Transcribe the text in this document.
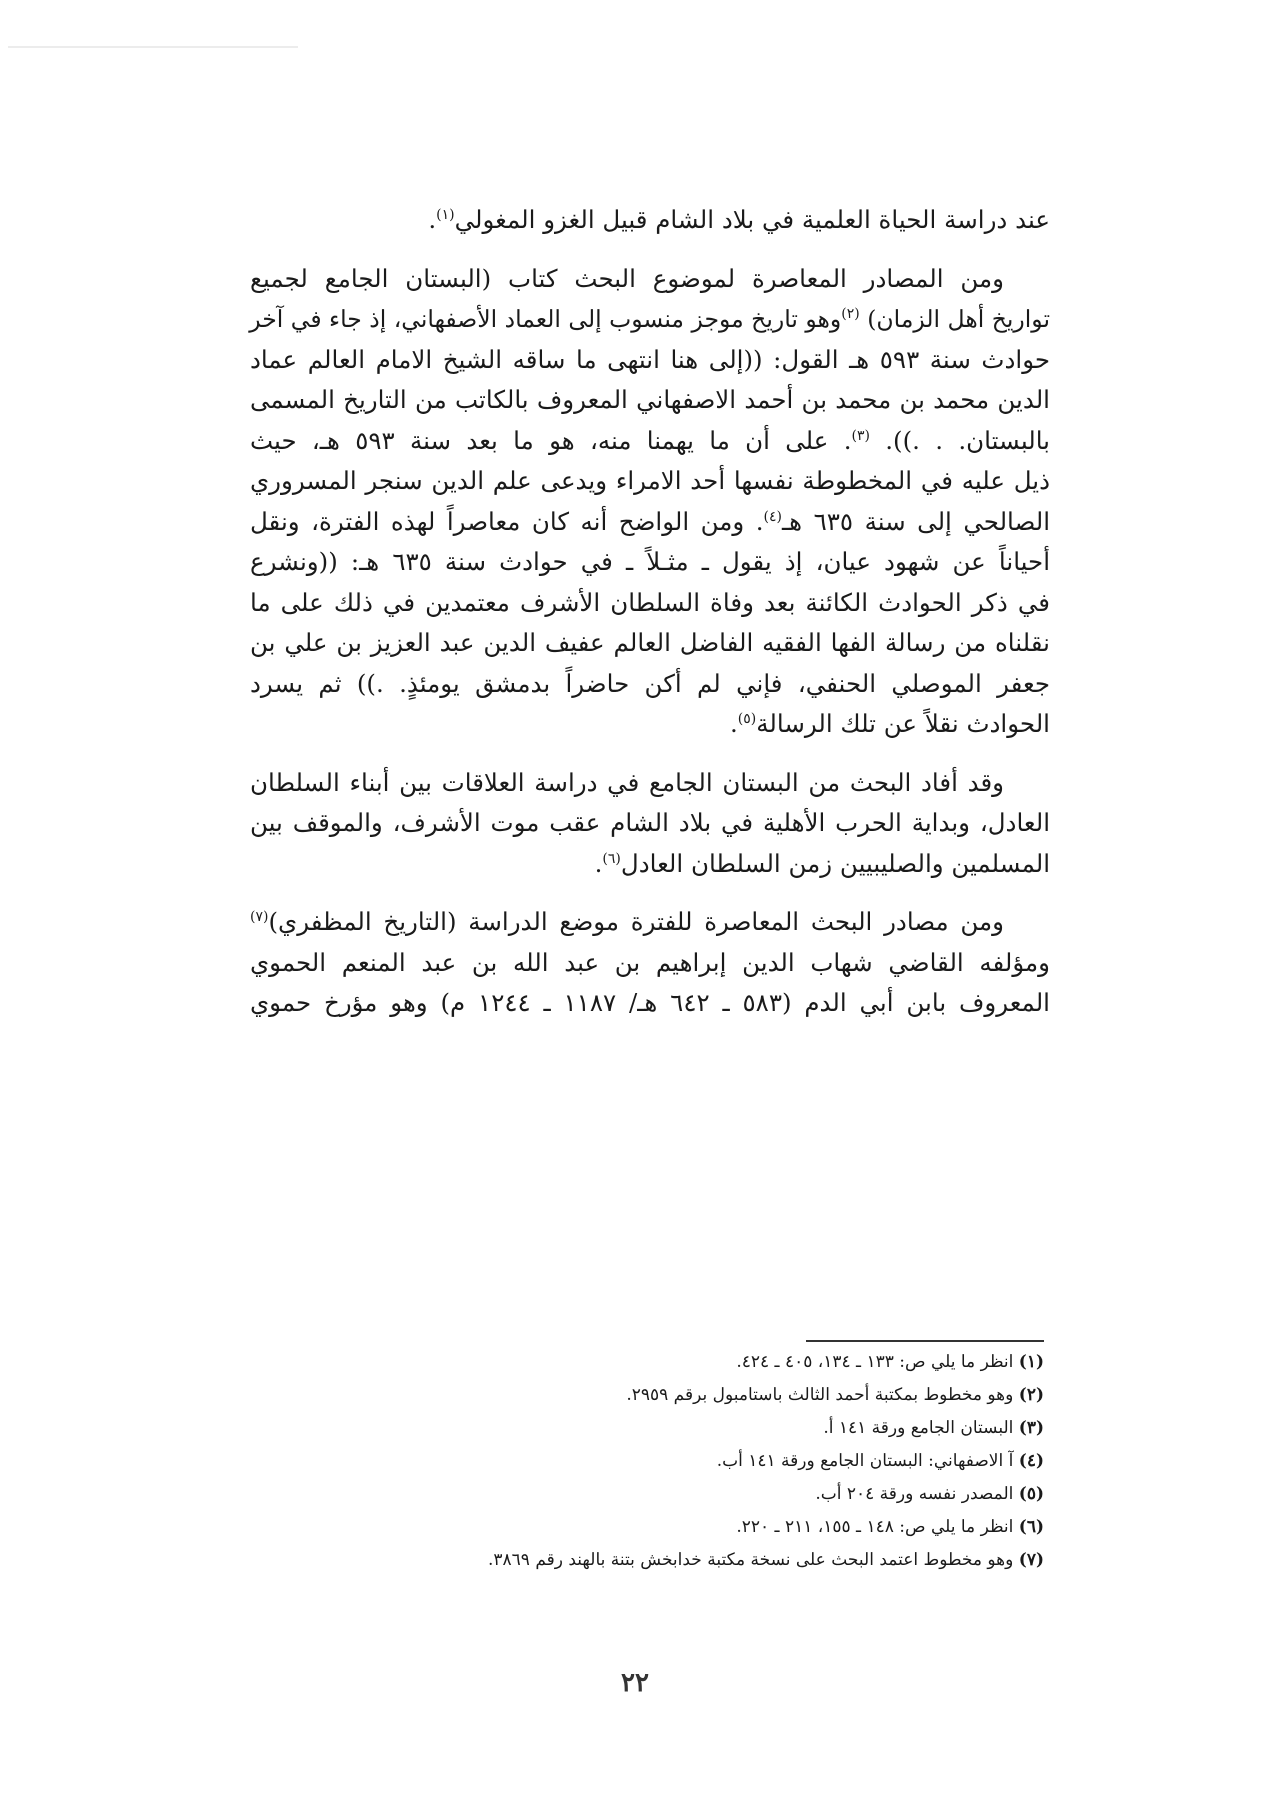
عند دراسة الحياة العلمية في بلاد الشام قبيل الغزو المغولي$^{(١)}$.
ومن المصادر المعاصرة لموضوع البحث كتاب (البستان الجامع لجميع
تواريخ أهل الزمان) $^{(٢)}$وهو تاريخ موجز منسوب إلى العماد الأصفهاني، إذ جاء في آخر
حوادث سنة ٥٩٣ هـ القول: ((إلى هنا انتهى ما ساقه الشيخ الامام العالم عماد
الدين محمد بن محمد بن أحمد الاصفهاني المعروف بالكاتب من التاريخ المسمى
بالبستان. . .)). $^{(٣)}$. على أن ما يهمنا منه، هو ما بعد سنة ٥٩٣ هـ، حيث
ذيل عليه في المخطوطة نفسها أحد الامراء ويدعى علم الدين سنجر المسروري
الصالحي إلى سنة ٦٣٥ هـ$^{(٤)}$. ومن الواضح أنه كان معاصراً لهذه الفترة، ونقل
أحياناً عن شهود عيان، إذ يقول ـ مثـلاً ـ في حوادث سنة ٦٣٥ هـ: ((ونشرع
في ذكر الحوادث الكائنة بعد وفاة السلطان الأشرف معتمدين في ذلك على ما
نقلناه من رسالة الفها الفقيه الفاضل العالم عفيف الدين عبد العزيز بن علي بن
جعفر الموصلي الحنفي، فإني لم أكن حاضراً بدمشق يومئذٍ. .)) ثم يسرد
الحوادث نقلاً عن تلك الرسالة$^{(٥)}$.
وقد أفاد البحث من البستان الجامع في دراسة العلاقات بين أبناء السلطان
العادل، وبداية الحرب الأهلية في بلاد الشام عقب موت الأشرف، والموقف بين
المسلمين والصليبيين زمن السلطان العادل$^{(٦)}$.
ومن مصادر البحث المعاصرة للفترة موضع الدراسة (التاريخ المظفري)$^{(٧)}$
ومؤلفه القاضي شهاب الدين إبراهيم بن عبد الله بن عبد المنعم الحموي
المعروف بابن أبي الدم (٥٨٣ ـ ٦٤٢ هـ/ ١١٨٧ ـ ١٢٤٤ م) وهو مؤرخ حموي
(١) انظر ما يلي ص: ١٣٣ ـ ١٣٤، ٤٠٥ ـ ٤٢٤.
(٢) وهو مخطوط بمكتبة أحمد الثالث باستامبول برقم ٢٩٥٩.
(٣) البستان الجامع ورقة ١٤١ أ.
(٤) آ الاصفهاني: البستان الجامع ورقة ١٤١ أب.
(٥) المصدر نفسه ورقة ٢٠٤ أب.
(٦) انظر ما يلي ص: ١٤٨ ـ ١٥٥، ٢١١ ـ ٢٢٠.
(٧) وهو مخطوط اعتمد البحث على نسخة مكتبة خدابخش بتنة بالهند رقم ٣٨٦٩.
٢٢
